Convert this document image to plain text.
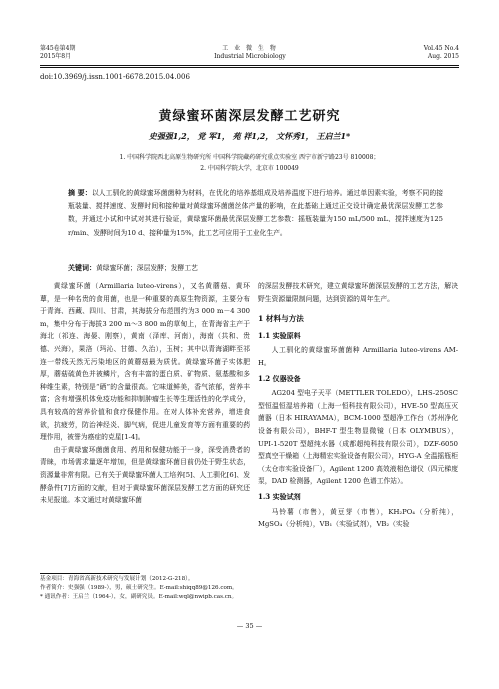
第45卷第4期
2015年8月
工 业 微 生 物
Industrial Microbiology
Vol.45 No.4
Aug. 2015
doi:10.3969/j.issn.1001-6678.2015.04.006
黄绿蜜环菌深层发酵工艺研究
史强强1,2， 党 军1， 苑 祥1,2， 文怀秀1， 王启兰1*
1. 中国科学院西北高原生物研究所 中国科学院藏药研究重点实验室 西宁市新宁路23号 810008；
2. 中国科学院大学，北京市 100049
摘 要：以人工驯化的黄绿蜜环菌菌种为材料，在优化的培养基组成及培养温度下进行培养。通过单因素实验，考察不同的接瓶装量、搅拌速度、发酵时间和接种量对黄绿蜜环菌菌丝体产量的影响，在此基础上通过正交设计确定最优深层发酵工艺参数，并通过小试和中试对其进行验证，黄绿蜜环菌最优深层发酵工艺参数：摇瓶装量为150 mL/500 mL、搅拌速度为125 r/min、发酵时间为10 d、接种量为15%，此工艺可应用于工业化生产。
关键词：黄绿蜜环菌；深层发酵；发酵工艺

黄绿蜜环菌（Armillaria luteo-virens），又名黄蘑菇、黄环蕈，是一种名贵的食用菌，也是一种重要的高原生物资源，主要分布于青海、西藏、四川、甘肃，其海拔分布范围约为3 000 m－4 300 m，集中分布于海拔3 200 m～3 800 m的草甸上，在青海省主产于海北（祁连、海晏、刚察），黄南（泽库、河南），海南（共和、贵德、兴海），果洛（玛沁、甘德、久治），玉树；其中以青海湖畔至祁连一带线天然无污染地区的黄蘑菇最为质优。黄绿蜜环菌子实体肥厚，蘑菇硫黄色并被鳞片，含有丰富的蛋白质、矿物质、氨基酸和多种维生素，特别是“硒”的含量很高。它味道鲜美，香气浓郁，营养丰富；含有增强机体免疫功能和抑制肿瘤生长等生理活性的化学成分，具有较高的营养价值和食疗保健作用。在对人体补充营养，增进食欲，抗疲劳，防治神经炎、脚气病，促进儿童发育等方面有重要的药理作用，被誉为癌症的克星[1-4]。

由于黄绿蜜环菌菌食用、药用和保健功能于一身，深受消费者的青睐，市场需求量逐年增加，但是黄绿蜜环菌目前仍处于野生状态，资源量非常有限。已有关于黄绿蜜环菌人工培养[5]、人工驯化[6]、发酵条件[7]方面的文献，但对于黄绿蜜环菌深层发酵工艺方面的研究还未见报道。本文通过对黄绿蜜环菌

的深层发酵技术研究，建立黄绿蜜环菌深层发酵的工艺方法，解决野生资源量限制问题，达到资源的周年生产。

1 材料与方法
1.1 实验原料

人工驯化的黄绿蜜环菌菌种 Armillaria luteo-virens AM-H。

1.2 仪器设备

AG204 型电子天平（METTLER TOLEDO），LHS-250SC 型恒温恒湿培养箱（上海一恒科技有限公司），HVE-50 型高压灭菌器（日本 HIRAYAMA），BCM-1000 型超净工作台（苏州净化设备有限公司），BHF-T 型生物显微镜（日本 OLYMBUS），UPI-1-520T 型超纯水器（成都超纯科技有限公司），DZF-6050 型真空干燥箱（上海精宏实验设备有限公司），HYG-A 全温摇瓶柜（太仓市实验设备厂），Agilent 1200 高效液相色谱仪（四元梯度泵，DAD 检测器，Agilent 1200 色谱工作站）。

1.3 实验试剂

马铃薯（市售），黄豆芽（市售），KH₂PO₄（分析纯），MgSO₄（分析纯），VB₁（实验试剂），VB₂（实验

基金项目：青海省高新技术研究与发展计划（2012-G-218）。
作者简介：史强强（1989-），男，硕士研究生。E-mail:shiqq89@126.com。
* 通讯作者：王启兰（1964-），女，副研究员。E-mail:wql@nwipb.cas.cn。
— 35 —
